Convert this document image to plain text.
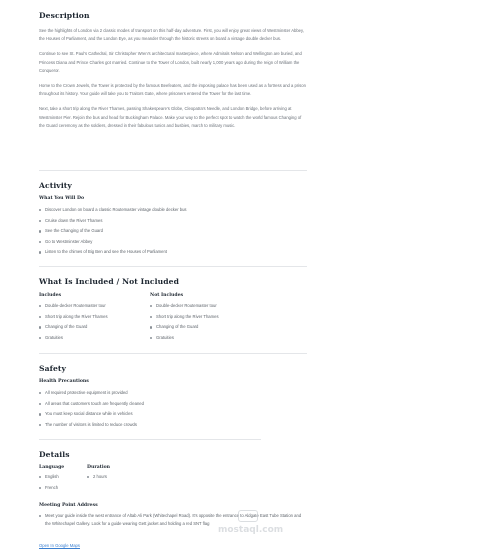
Description

See the highlights of London via 2 classic modes of transport on this half-day adventure. First, you will enjoy great views of Westminster Abbey, the Houses of Parliament, and the London Eye, as you meander through the historic streets on board a vintage double decker bus.

Continue to see St. Paul's Cathedral, Sir Christopher Wren's architectural masterpiece, where Admirals Nelson and Wellington are buried, and Princess Diana and Prince Charles got married. Continue to the Tower of London, built nearly 1,000 years ago during the reign of William the Conqueror.

Home to the Crown Jewels, the Tower is protected by the famous Beefeaters, and the imposing palace has been used as a fortress and a prison throughout its history. Your guide will take you to Traitors Gate, where prisoners entered the Tower for the last time.

Next, take a short trip along the River Thames, passing Shakespeare's Globe, Cleopatra's Needle, and London Bridge, before arriving at Westminster Pier. Rejoin the bus and head for Buckingham Palace. Make your way to the perfect spot to watch the world famous Changing of the Guard ceremony as the soldiers, dressed in their fabulous tunics and busbies, march to military music.

Activity
What You Will Do
Discover London on board a classic Routemaster vintage double decker bus
Cruise down the River Thames
See the Changing of the Guard
Go to Westminster Abbey
Listen to the chimes of Big Ben and see the Houses of Parliament
What Is Included / Not Included
Includes
Double-decker Routemaster tour
Short trip along the River Thames
Changing of the Guard
Gratuities
Not Includes
Double-decker Routemaster tour
Short trip along the River Thames
Changing of the Guard
Gratuities
Safety
Health Precautions
All required protective equipment is provided
All areas that customers touch are frequently cleaned
You must keep social distance while in vehicles
The number of visitors is limited to reduce crowds
Details
Language
English
French
Duration
2 hours
Meeting Point Address

Meet your guide inside the west entrance of Altab Ali Park (Whitechapel Road). It's opposite the entrance to Aldgate East Tube Station and the Whitechapel Gallery. Look for a guide wearing Gett jacket and holding a red SNT flag

Open In Google Maps
mostaql.com
